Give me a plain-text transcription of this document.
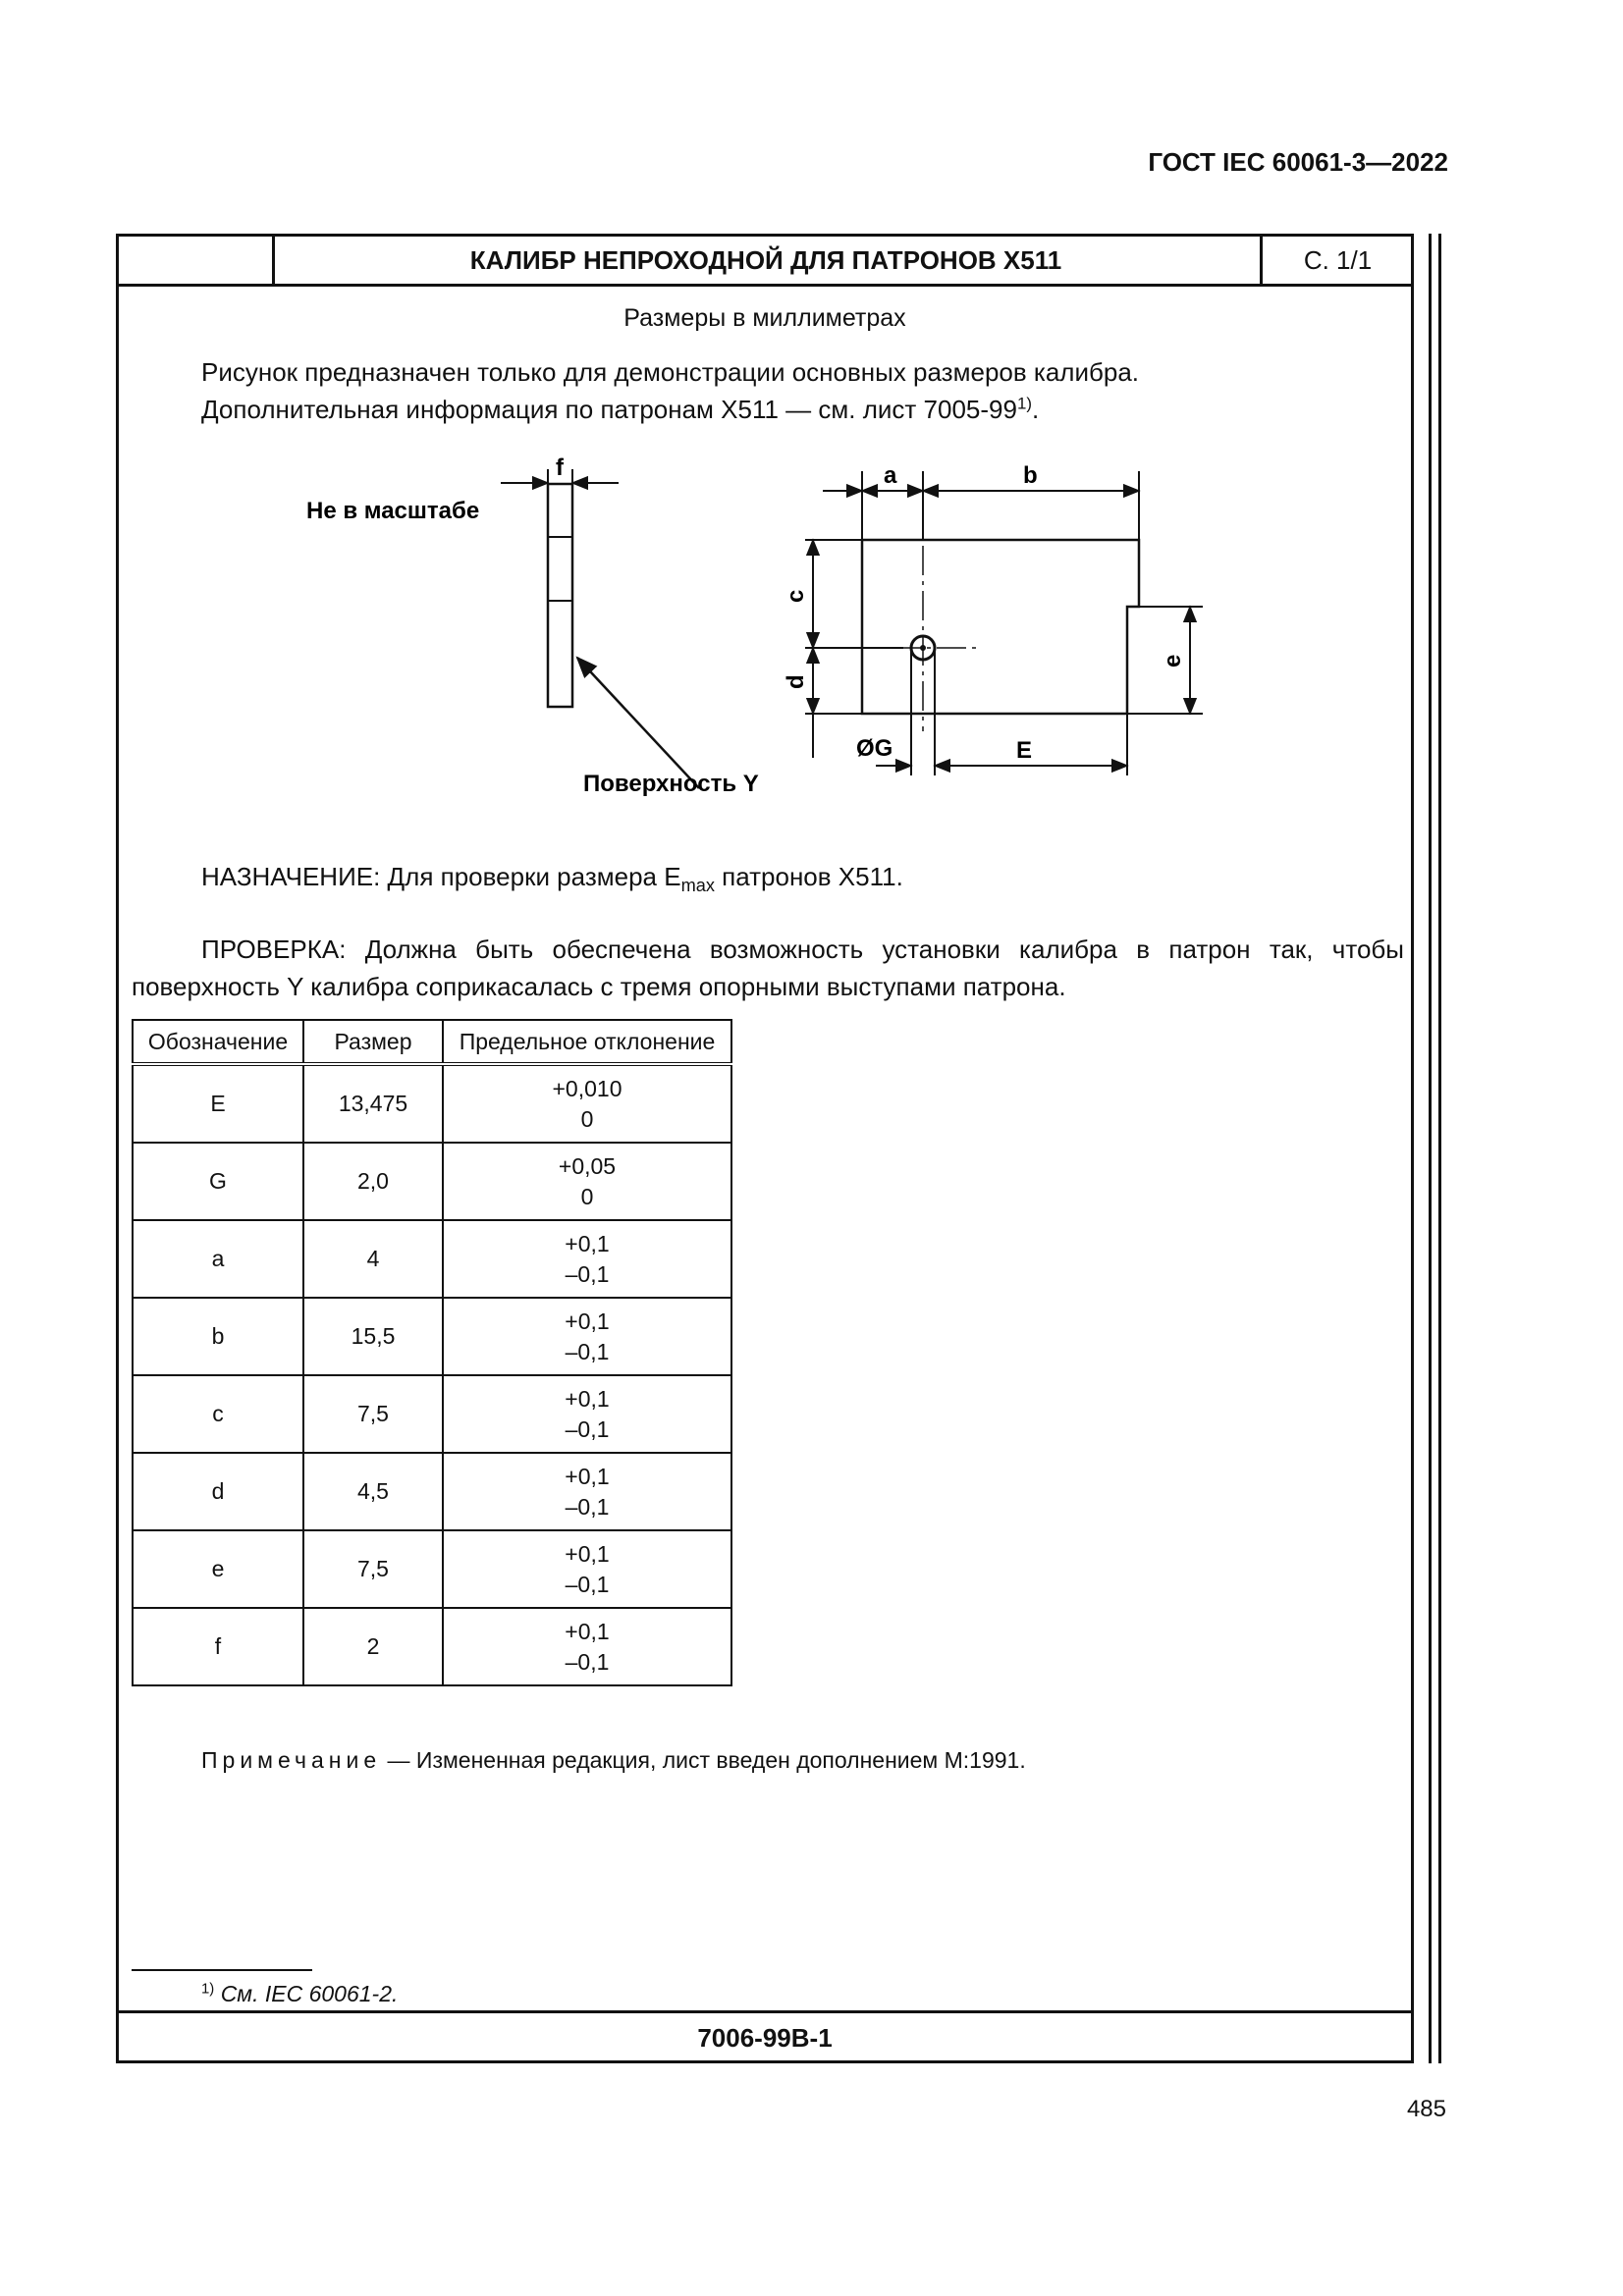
ГОСТ IEC 60061-3—2022
КАЛИБР НЕПРОХОДНОЙ ДЛЯ ПАТРОНОВ X511	С. 1/1
Размеры в миллиметрах
Рисунок предназначен только для демонстрации основных размеров калибра.
Дополнительная информация по патронам X511 — см. лист 7005-99$^{1)}$.
Не в масштабе
Поверхность Y
f	a	b
c
d
e
E
ØG
НАЗНАЧЕНИЕ: Для проверки размера $E_{max}$ патронов X511.
ПРОВЕРКА: Должна быть обеспечена возможность установки калибра в патрон так, чтобы поверхность Y калибра соприкасалась с тремя опорными выступами патрона.
Обозначение	Размер	Предельное отклонение
E	13,475	+0,010
0

G	2,0	+0,05
0

a	4	+0,1
–0,1

b	15,5	+0,1
–0,1

c	7,5	+0,1
–0,1

d	4,5	+0,1
–0,1

e	7,5	+0,1
–0,1

f	2	+0,1
–0,1
Примечание — Измененная редакция, лист введен дополнением M:1991.
$^{1)}$ См. IEC 60061-2.
7006-99B-1
485
